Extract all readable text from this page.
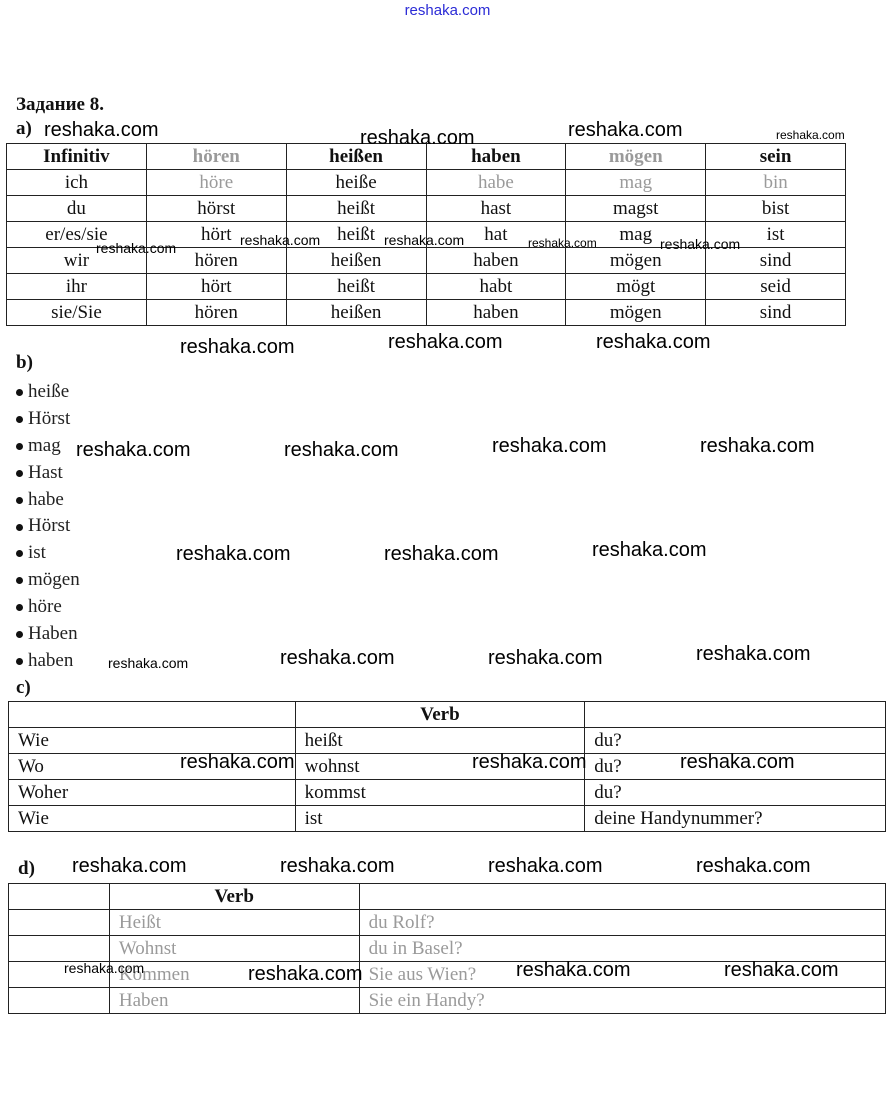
reshaka.com
Задание 8.
a)
Infinitiv	hören	heißen	haben	mögen	sein
ich	höre	heiße	habe	mag	bin
du	hörst	heißt	hast	magst	bist
er/es/sie	hört	heißt	hat	mag	ist
wir	hören	heißen	haben	mögen	sind
ihr	hört	heißt	habt	mögt	seid
sie/Sie	hören	heißen	haben	mögen	sind
b)
heiße
Hörst
mag
Hast
habe
Hörst
ist
mögen
höre
Haben
haben
c)
	Verb	
Wie	heißt	du?
Wo	wohnst	du?
Woher	kommst	du?
Wie	ist	deine Handynummer?
d)
	Verb	
	Heißt	du Rolf?
	Wohnst	du in Basel?
	Kommen	Sie aus Wien?
	Haben	Sie ein Handy?
reshaka.com	reshaka.com	reshaka.com	reshaka.com
reshaka.com	reshaka.com	reshaka.com	reshaka.com	reshaka.com
reshaka.com	reshaka.com	reshaka.com
reshaka.com	reshaka.com	reshaka.com	reshaka.com
reshaka.com	reshaka.com	reshaka.com
reshaka.com	reshaka.com	reshaka.com	reshaka.com
reshaka.com	reshaka.com	reshaka.com
reshaka.com	reshaka.com	reshaka.com	reshaka.com
reshaka.com	reshaka.com	reshaka.com	reshaka.com
